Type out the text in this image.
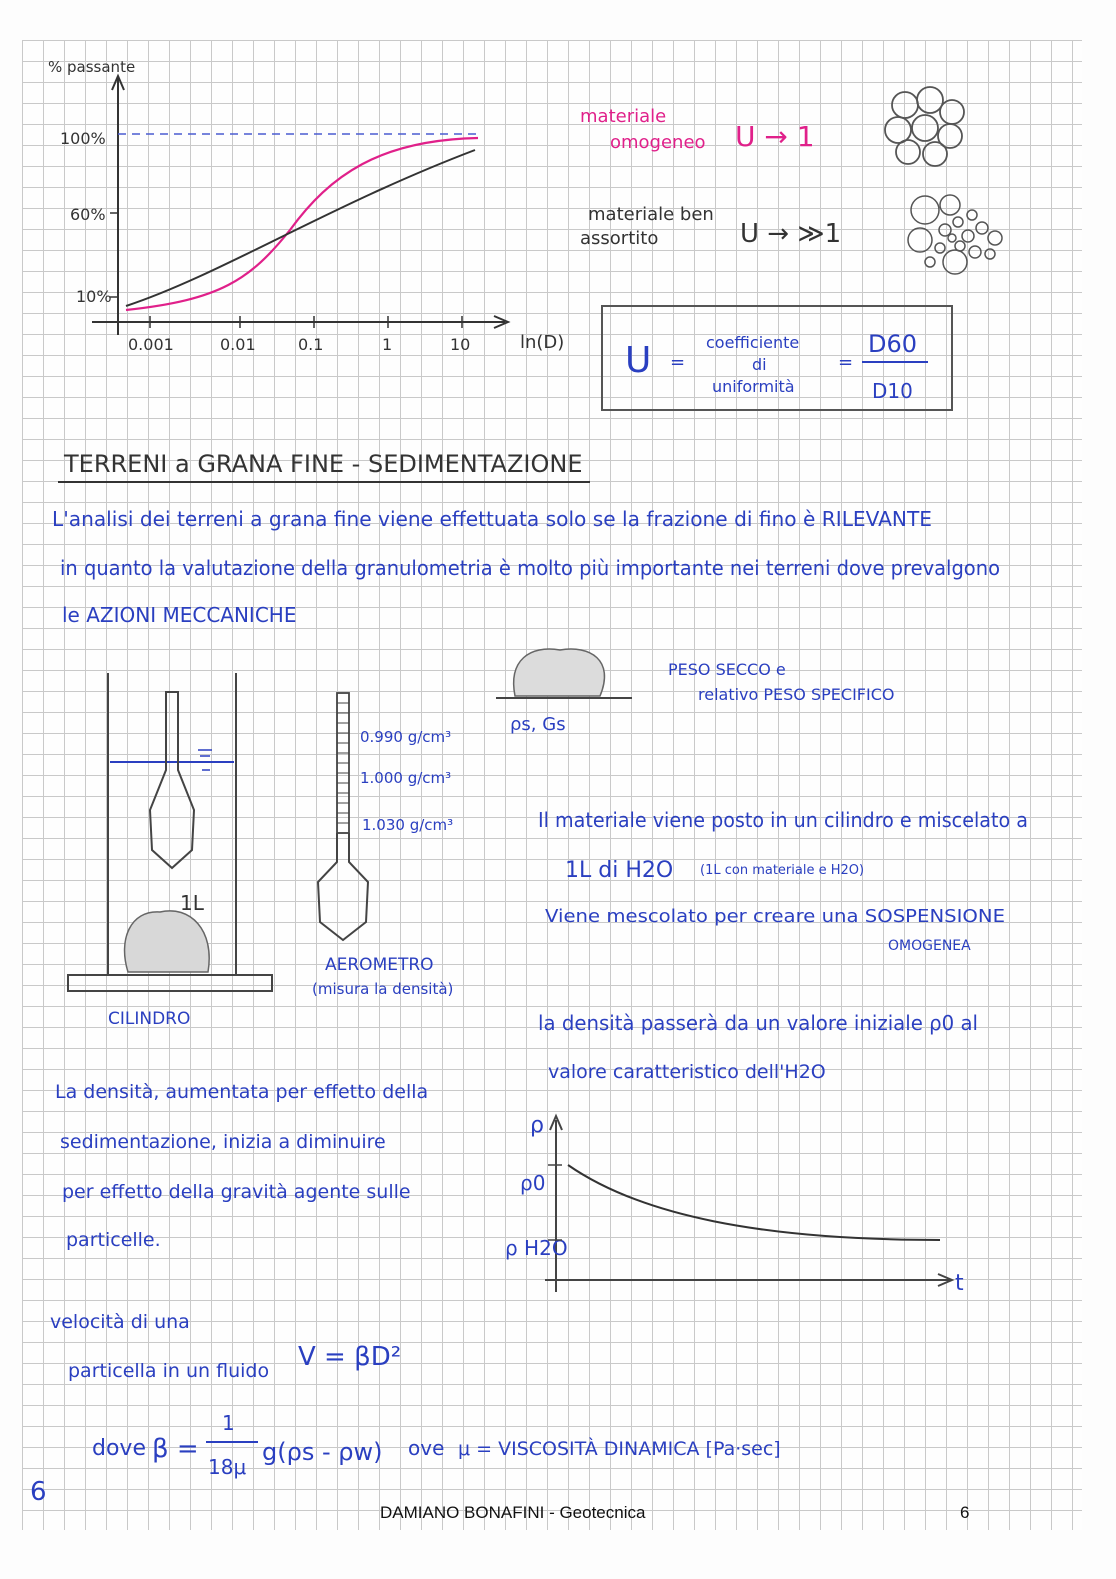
% passante
100%
60%
10%
0.001	0.01	0.1	1	10	ln(D)
materiale
omogeneo U → 1
materiale ben
assortito	U → ≫1
U =
coefficiente
di
uniformità
=
D60
D10
TERRENI a GRANA FINE - SEDIMENTAZIONE
L'analisi dei terreni a grana fine viene effettuata solo se la frazione di fino è RILEVANTE
in quanto la valutazione della granulometria è molto più importante nei terreni dove prevalgono
le AZIONI MECCANICHE
1L
CILINDRO
0.990 g/cm³
1.000 g/cm³
1.030 g/cm³
AEROMETRO
(misura la densità)
ρs, Gs
PESO SECCO e
relativo PESO SPECIFICO
Il materiale viene posto in un cilindro e miscelato a
1L di H2O (1L con materiale e H2O)
Viene mescolato per creare una SOSPENSIONE
OMOGENEA
la densità passerà da un valore iniziale ρ0 al
valore caratteristico dell'H2O
La densità, aumentata per effetto della
sedimentazione, inizia a diminuire
per effetto della gravità agente sulle
particelle.
ρ
ρ0
ρ H2O
t
velocità di una
particella in un fluido V = βD²
dove β =
1
18μ
g(ρs - ρw) ove μ = VISCOSITÀ DINAMICA [Pa·sec]
6
DAMIANO BONAFINI - Geotecnica	6
